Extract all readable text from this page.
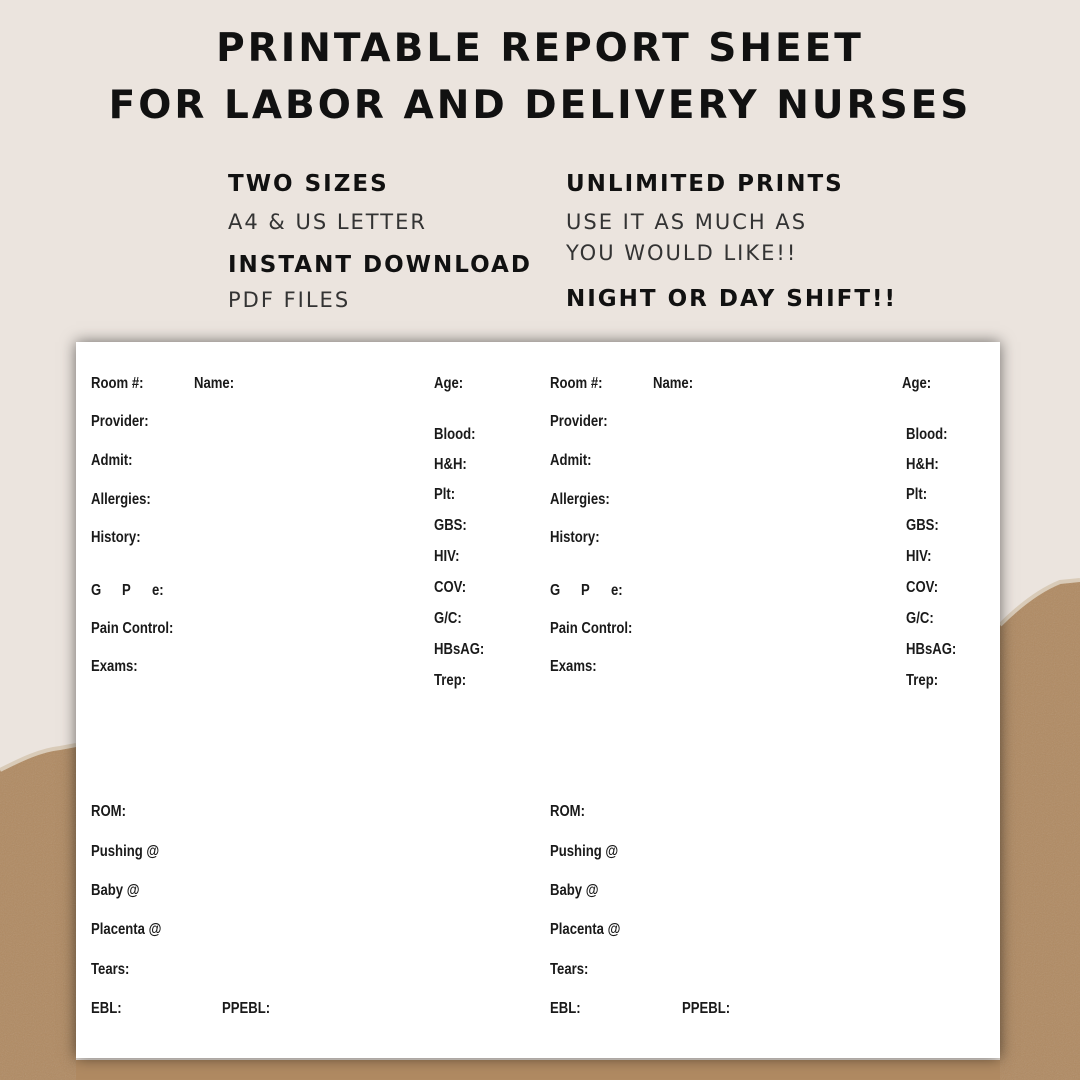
PRINTABLE REPORT SHEET
FOR LABOR AND DELIVERY NURSES
TWO SIZES
A4 & US LETTER
INSTANT DOWNLOAD
PDF FILES
UNLIMITED PRINTS
USE IT AS MUCH AS
YOU WOULD LIKE!!
NIGHT OR DAY SHIFT!!
Room #:	Name:	Age:
Provider:
Admit:
Allergies:
History:
G P e:
Pain Control:
Exams:
Blood:
H&H:
Plt:
GBS:
HIV:
COV:
G/C:
HBsAG:
Trep:
ROM:
Pushing @
Baby @
Placenta @
Tears:
EBL:	PPEBL:
Room #:	Name:	Age:
Provider:
Admit:
Allergies:
History:
G P e:
Pain Control:
Exams:
Blood:
H&H:
Plt:
GBS:
HIV:
COV:
G/C:
HBsAG:
Trep:
ROM:
Pushing @
Baby @
Placenta @
Tears:
EBL:	PPEBL:
